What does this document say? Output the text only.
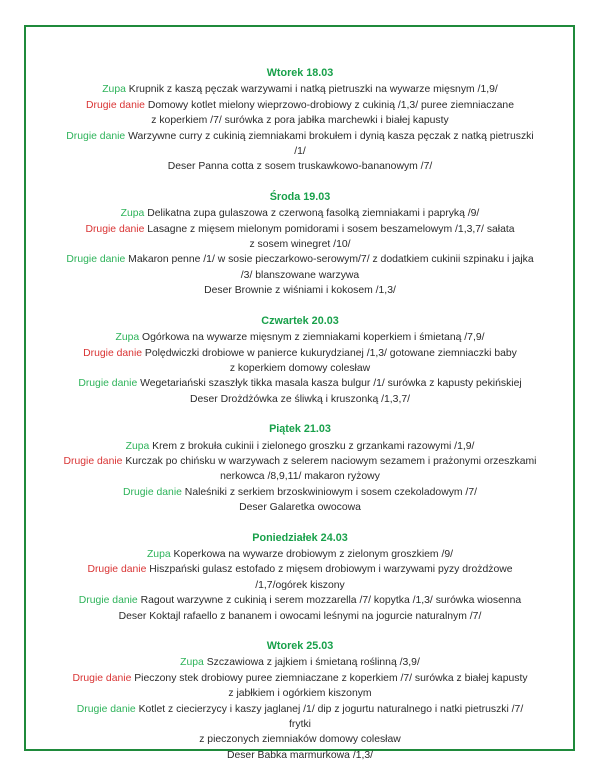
Wtorek 18.03
Zupa Krupnik z kaszą pęczak warzywami i natką pietruszki na wywarze mięsnym /1,9/
Drugie danie Domowy kotlet mielony wieprzowo-drobiowy z cukinią /1,3/ puree ziemniaczane
z koperkiem /7/ surówka z pora jabłka marchewki i białej kapusty
Drugie danie Warzywne curry z cukinią ziemniakami brokułem i dynią kasza pęczak z natką pietruszki
/1/
Deser Panna cotta z sosem truskawkowo-bananowym /7/
Środa 19.03
Zupa Delikatna zupa gulaszowa z czerwoną fasolką ziemniakami i papryką /9/
Drugie danie Lasagne z mięsem mielonym pomidorami i sosem beszamelowym /1,3,7/ sałata
z sosem winegret /10/
Drugie danie Makaron penne /1/ w sosie pieczarkowo-serowym/7/ z dodatkiem cukinii szpinaku i jajka
/3/ blanszowane warzywa
Deser Brownie z wiśniami i kokosem /1,3/
Czwartek 20.03
Zupa Ogórkowa na wywarze mięsnym z ziemniakami koperkiem i śmietaną /7,9/
Drugie danie Polędwiczki drobiowe w panierce kukurydzianej /1,3/ gotowane ziemniaczki baby
z koperkiem domowy colesław
Drugie danie Wegetariański szaszłyk tikka masala kasza bulgur /1/ surówka z kapusty pekińskiej
Deser Drożdżówka ze śliwką i kruszonką /1,3,7/
Piątek 21.03
Zupa Krem z brokuła cukinii i zielonego groszku z grzankami razowymi /1,9/
Drugie danie Kurczak po chińsku w warzywach z selerem naciowym sezamem i prażonymi orzeszkami
nerkowca /8,9,11/ makaron ryżowy
Drugie danie Naleśniki z serkiem brzoskwiniowym i sosem czekoladowym /7/
Deser Galaretka owocowa
Poniedziałek 24.03
Zupa Koperkowa na wywarze drobiowym z zielonym groszkiem /9/
Drugie danie Hiszpański gulasz estofado z mięsem drobiowym i warzywami pyzy drożdżowe
/1,7/ogórek kiszony
Drugie danie Ragout warzywne z cukinią i serem mozzarella /7/ kopytka /1,3/ surówka wiosenna
Deser Koktajl rafaello z bananem i owocami leśnymi na jogurcie naturalnym /7/
Wtorek 25.03
Zupa Szczawiowa z jajkiem i śmietaną roślinną /3,9/
Drugie danie Pieczony stek drobiowy puree ziemniaczane z koperkiem /7/ surówka z białej kapusty
z jabłkiem i ogórkiem kiszonym
Drugie danie Kotlet z ciecierzycy i kaszy jaglanej /1/ dip z jogurtu naturalnego i natki pietruszki /7/
frytki
z pieczonych ziemniaków domowy colesław
Deser Babka marmurkowa /1,3/
